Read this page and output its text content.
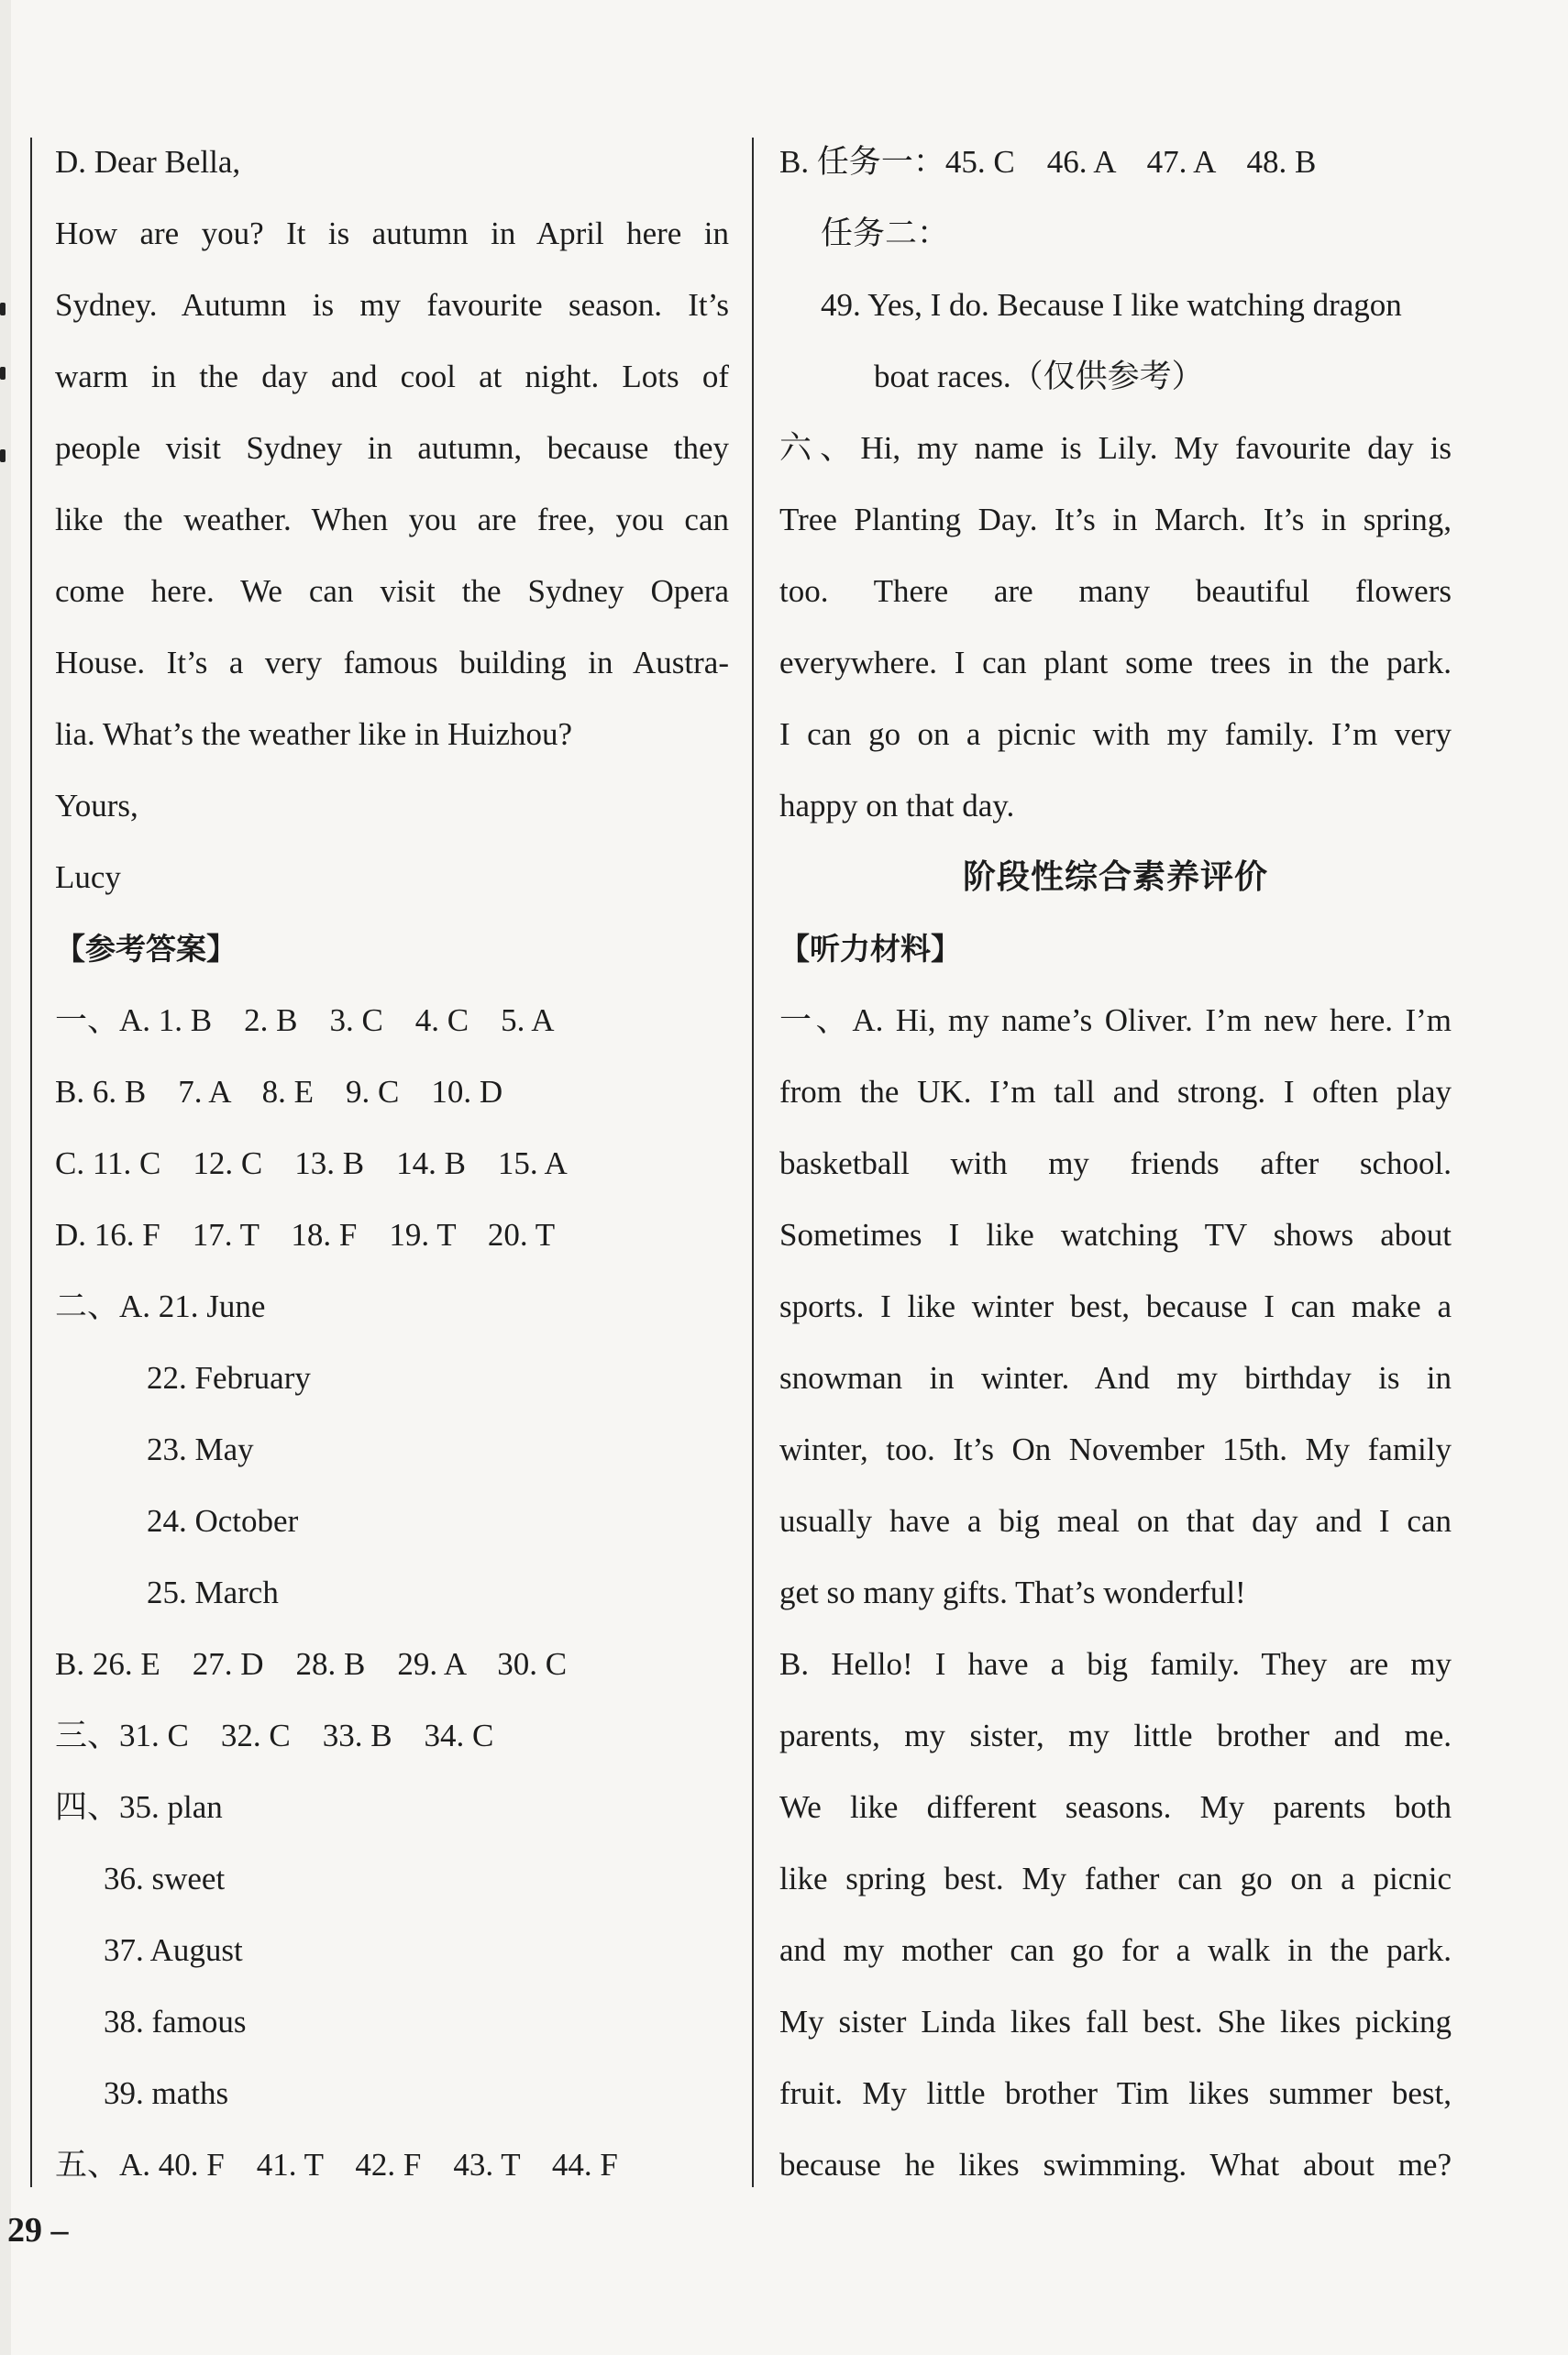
D. Dear Bella,
How are you? It is autumn in April here in
Sydney. Autumn is my favourite season. It’s
warm in the day and cool at night. Lots of
people visit Sydney in autumn, because they
like the weather. When you are free, you can
come here. We can visit the Sydney Opera
House. It’s a very famous building in Austra-
lia. What’s the weather like in Huizhou?
Yours,
Lucy
【参考答案】
一、A. 1. B    2. B    3. C    4. C    5. A
B. 6. B    7. A    8. E    9. C    10. D
C. 11. C    12. C    13. B    14. B    15. A
D. 16. F    17. T    18. F    19. T    20. T
二、A. 21. June
22. February
23. May
24. October
25. March
B. 26. E    27. D    28. B    29. A    30. C
三、31. C    32. C    33. B    34. C
四、35. plan
36. sweet
37. August
38. famous
39. maths
五、A. 40. F    41. T    42. F    43. T    44. F
B. 任务一：45. C    46. A    47. A    48. B
任务二：
49. Yes, I do. Because I like watching dragon
boat races.（仅供参考）
六、Hi, my name is Lily. My favourite day is
Tree Planting Day. It’s in March. It’s in spring,
too. There are many beautiful flowers
everywhere. I can plant some trees in the park.
I can go on a picnic with my family. I’m very
happy on that day.
阶段性综合素养评价
【听力材料】
一、A. Hi, my name’s Oliver. I’m new here. I’m
from the UK. I’m tall and strong. I often play
basketball with my friends after school.
Sometimes I like watching TV shows about
sports. I like winter best, because I can make a
snowman in winter. And my birthday is in
winter, too. It’s On November 15th. My family
usually have a big meal on that day and I can
get so many gifts. That’s wonderful!
B. Hello! I have a big family. They are my
parents, my sister, my little brother and me.
We like different seasons. My parents both
like spring best. My father can go on a picnic
and my mother can go for a walk in the park.
My sister Linda likes fall best. She likes picking
fruit. My little brother Tim likes summer best,
because he likes swimming. What about me?
29 –
